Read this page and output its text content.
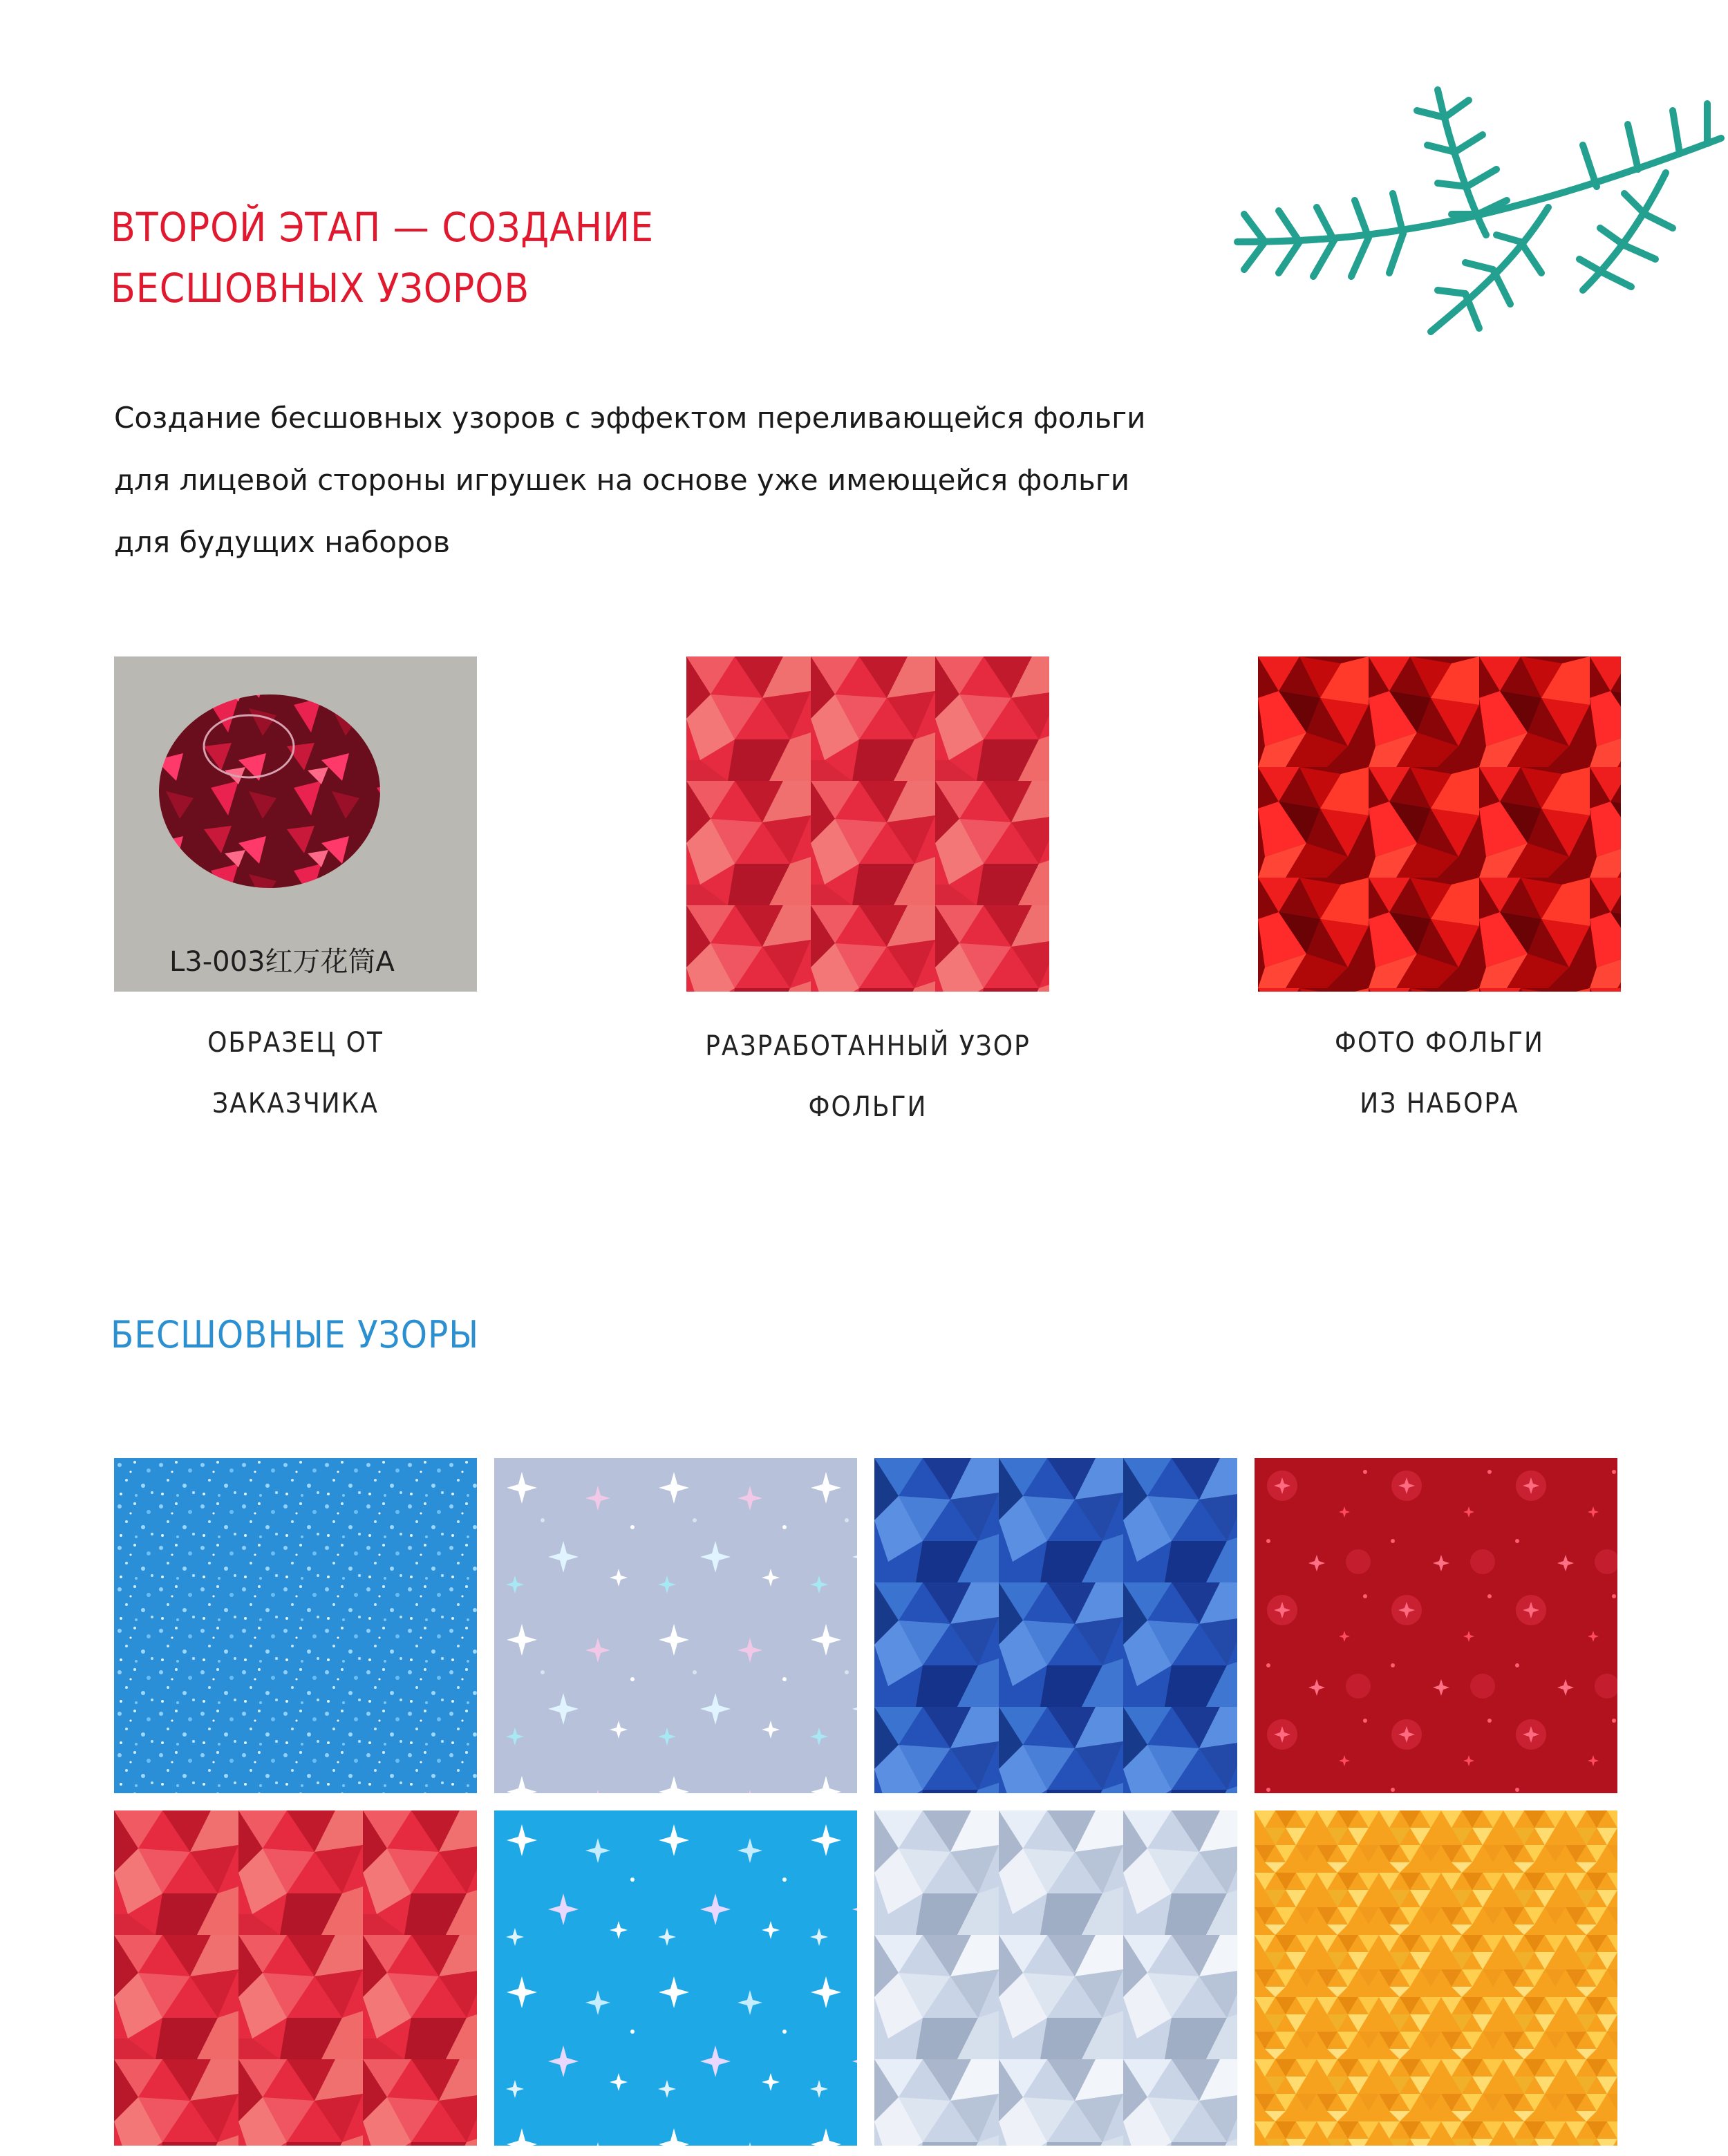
ВТОРОЙ ЭТАП — СОЗДАНИЕ
БЕСШОВНЫХ УЗОРОВ
Создание бесшовных узоров с эффектом переливающейся фольги
для лицевой стороны игрушек на основе уже имеющейся фольги
для будущих наборов
L3-003红万花筒A
ОБРАЗЕЦ ОТ
ЗАКАЗЧИКА
РАЗРАБОТАННЫЙ УЗОР
ФОЛЬГИ
ФОТО ФОЛЬГИ
ИЗ НАБОРА
БЕСШОВНЫЕ УЗОРЫ
